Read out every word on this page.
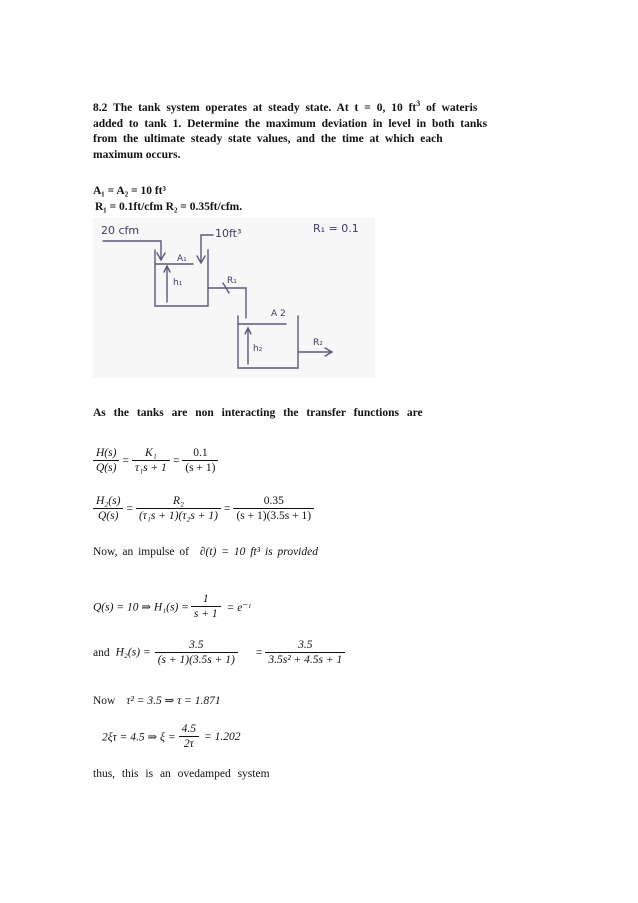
8.2 The tank system operates at steady state. At t = 0, 10 $ft^3$ of wateris
added to tank 1. Determine the maximum deviation in level in both tanks
from the ultimate steady state values, and the time at which each
maximum occurs.
A₁ = A₂ = 10 ft³
R₁ = 0.1ft/cfm R₂ = 0.35ft/cfm.
20 cfm	10ft³	R₁ = 0.1
A₁
h₁	R₁
A 2
h₂
R₂
As the tanks are non interacting the transfer functions are
$\frac{H(s)}{Q(s)} = \frac{\text{K₁}}{\text{τ₁s + 1}} = \frac{0.1}{(s + 1)}$
$\frac{\text{H₂(s)}}{Q(s)} = \frac{\text{R₂}}{\text{(τ₁s + 1)(τ₂s + 1)}} = \frac{0.35}{(s + 1)(3.5s + 1)}$
Now, an impulse of ∂(t) = 10 ft³ is provided
Q(s) = 10 ⇒ $H_1(s) = \frac{1}{s + 1}$ = e⁻ᵗ
and $H_2(s) = \frac{3.5}{(s + 1)(3.5s + 1)} = \frac{3.5}{\text{3.5s² + 4.5s + 1}}$
Now τ² = 3.5 ⇒ τ = 1.871
2ξτ = 4.5 ⇒ $\xi = \frac{4.5}{2\tau} = 1.202$
thus, this is an ovedamped system
